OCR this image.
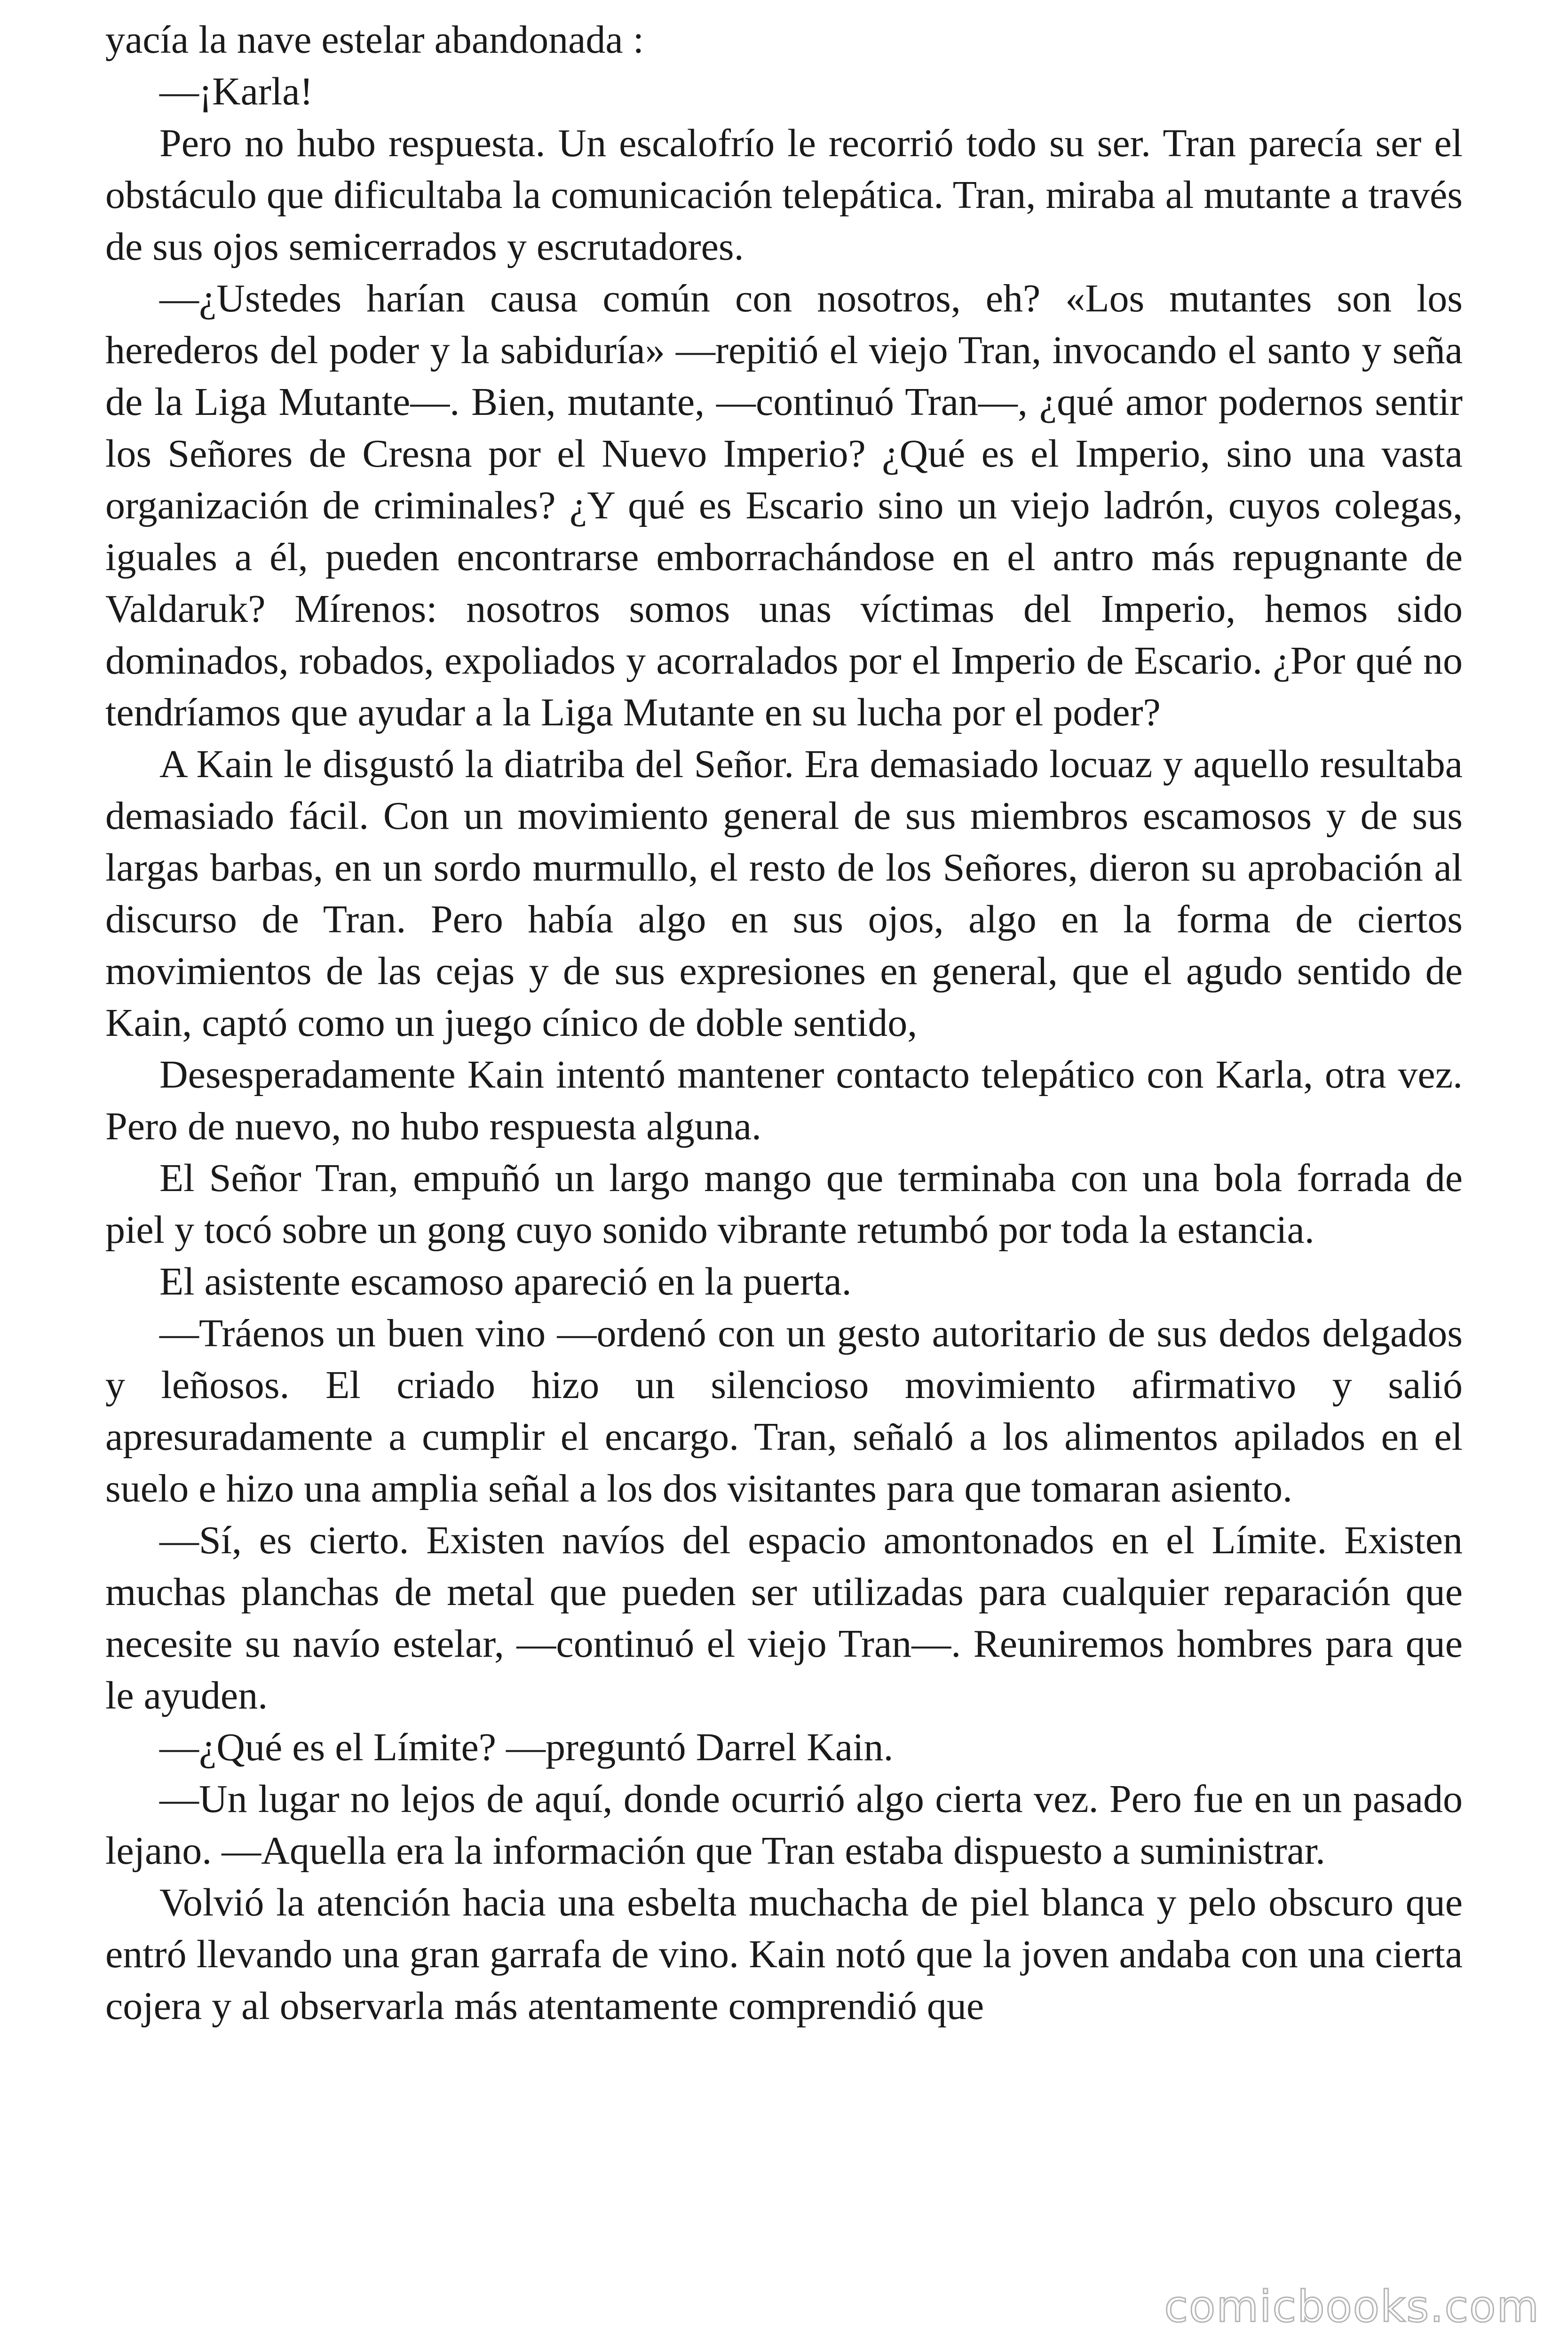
yacía la nave estelar abandonada :

—¡Karla!

Pero no hubo respuesta. Un escalofrío le recorrió todo su ser. Tran parecía ser el obstáculo que dificultaba la comunicación telepática. Tran, miraba al mutante a través de sus ojos semicerrados y escrutadores.

—¿Ustedes harían causa común con nosotros, eh? «Los mutantes son los herederos del poder y la sabiduría» —repitió el viejo Tran, invocando el santo y seña de la Liga Mutante—. Bien, mutante, —continuó Tran—, ¿qué amor podernos sentir los Señores de Cresna por el Nuevo Imperio? ¿Qué es el Imperio, sino una vasta organización de criminales? ¿Y qué es Escario sino un viejo ladrón, cuyos colegas, iguales a él, pueden encontrarse emborrachándose en el antro más repugnante de Valdaruk? Mírenos: nosotros somos unas víctimas del Imperio, hemos sido dominados, robados, expoliados y acorralados por el Imperio de Escario. ¿Por qué no tendríamos que ayudar a la Liga Mutante en su lucha por el poder?

A Kain le disgustó la diatriba del Señor. Era demasiado locuaz y aquello resultaba demasiado fácil. Con un movimiento general de sus miembros escamosos y de sus largas barbas, en un sordo murmullo, el resto de los Señores, dieron su aprobación al discurso de Tran. Pero había algo en sus ojos, algo en la forma de ciertos movimientos de las cejas y de sus expresiones en general, que el agudo sentido de Kain, captó como un juego cínico de doble sentido,

Desesperadamente Kain intentó mantener contacto telepático con Karla, otra vez. Pero de nuevo, no hubo respuesta alguna.

El Señor Tran, empuñó un largo mango que terminaba con una bola forrada de piel y tocó sobre un gong cuyo sonido vibrante retumbó por toda la estancia.

El asistente escamoso apareció en la puerta.

—Tráenos un buen vino —ordenó con un gesto autoritario de sus dedos delgados y leñosos. El criado hizo un silencioso movimiento afirmativo y salió apresuradamente a cumplir el encargo. Tran, señaló a los alimentos apilados en el suelo e hizo una amplia señal a los dos visitantes para que tomaran asiento.

—Sí, es cierto. Existen navíos del espacio amontonados en el Límite. Existen muchas planchas de metal que pueden ser utilizadas para cualquier reparación que necesite su navío estelar, —continuó el viejo Tran—. Reuniremos hombres para que le ayuden.

—¿Qué es el Límite? —preguntó Darrel Kain.

—Un lugar no lejos de aquí, donde ocurrió algo cierta vez. Pero fue en un pasado lejano. —Aquella era la información que Tran estaba dispuesto a suministrar.

Volvió la atención hacia una esbelta muchacha de piel blanca y pelo obscuro que entró llevando una gran garrafa de vino. Kain notó que la joven andaba con una cierta cojera y al observarla más atentamente comprendió que

comicbooks.com
